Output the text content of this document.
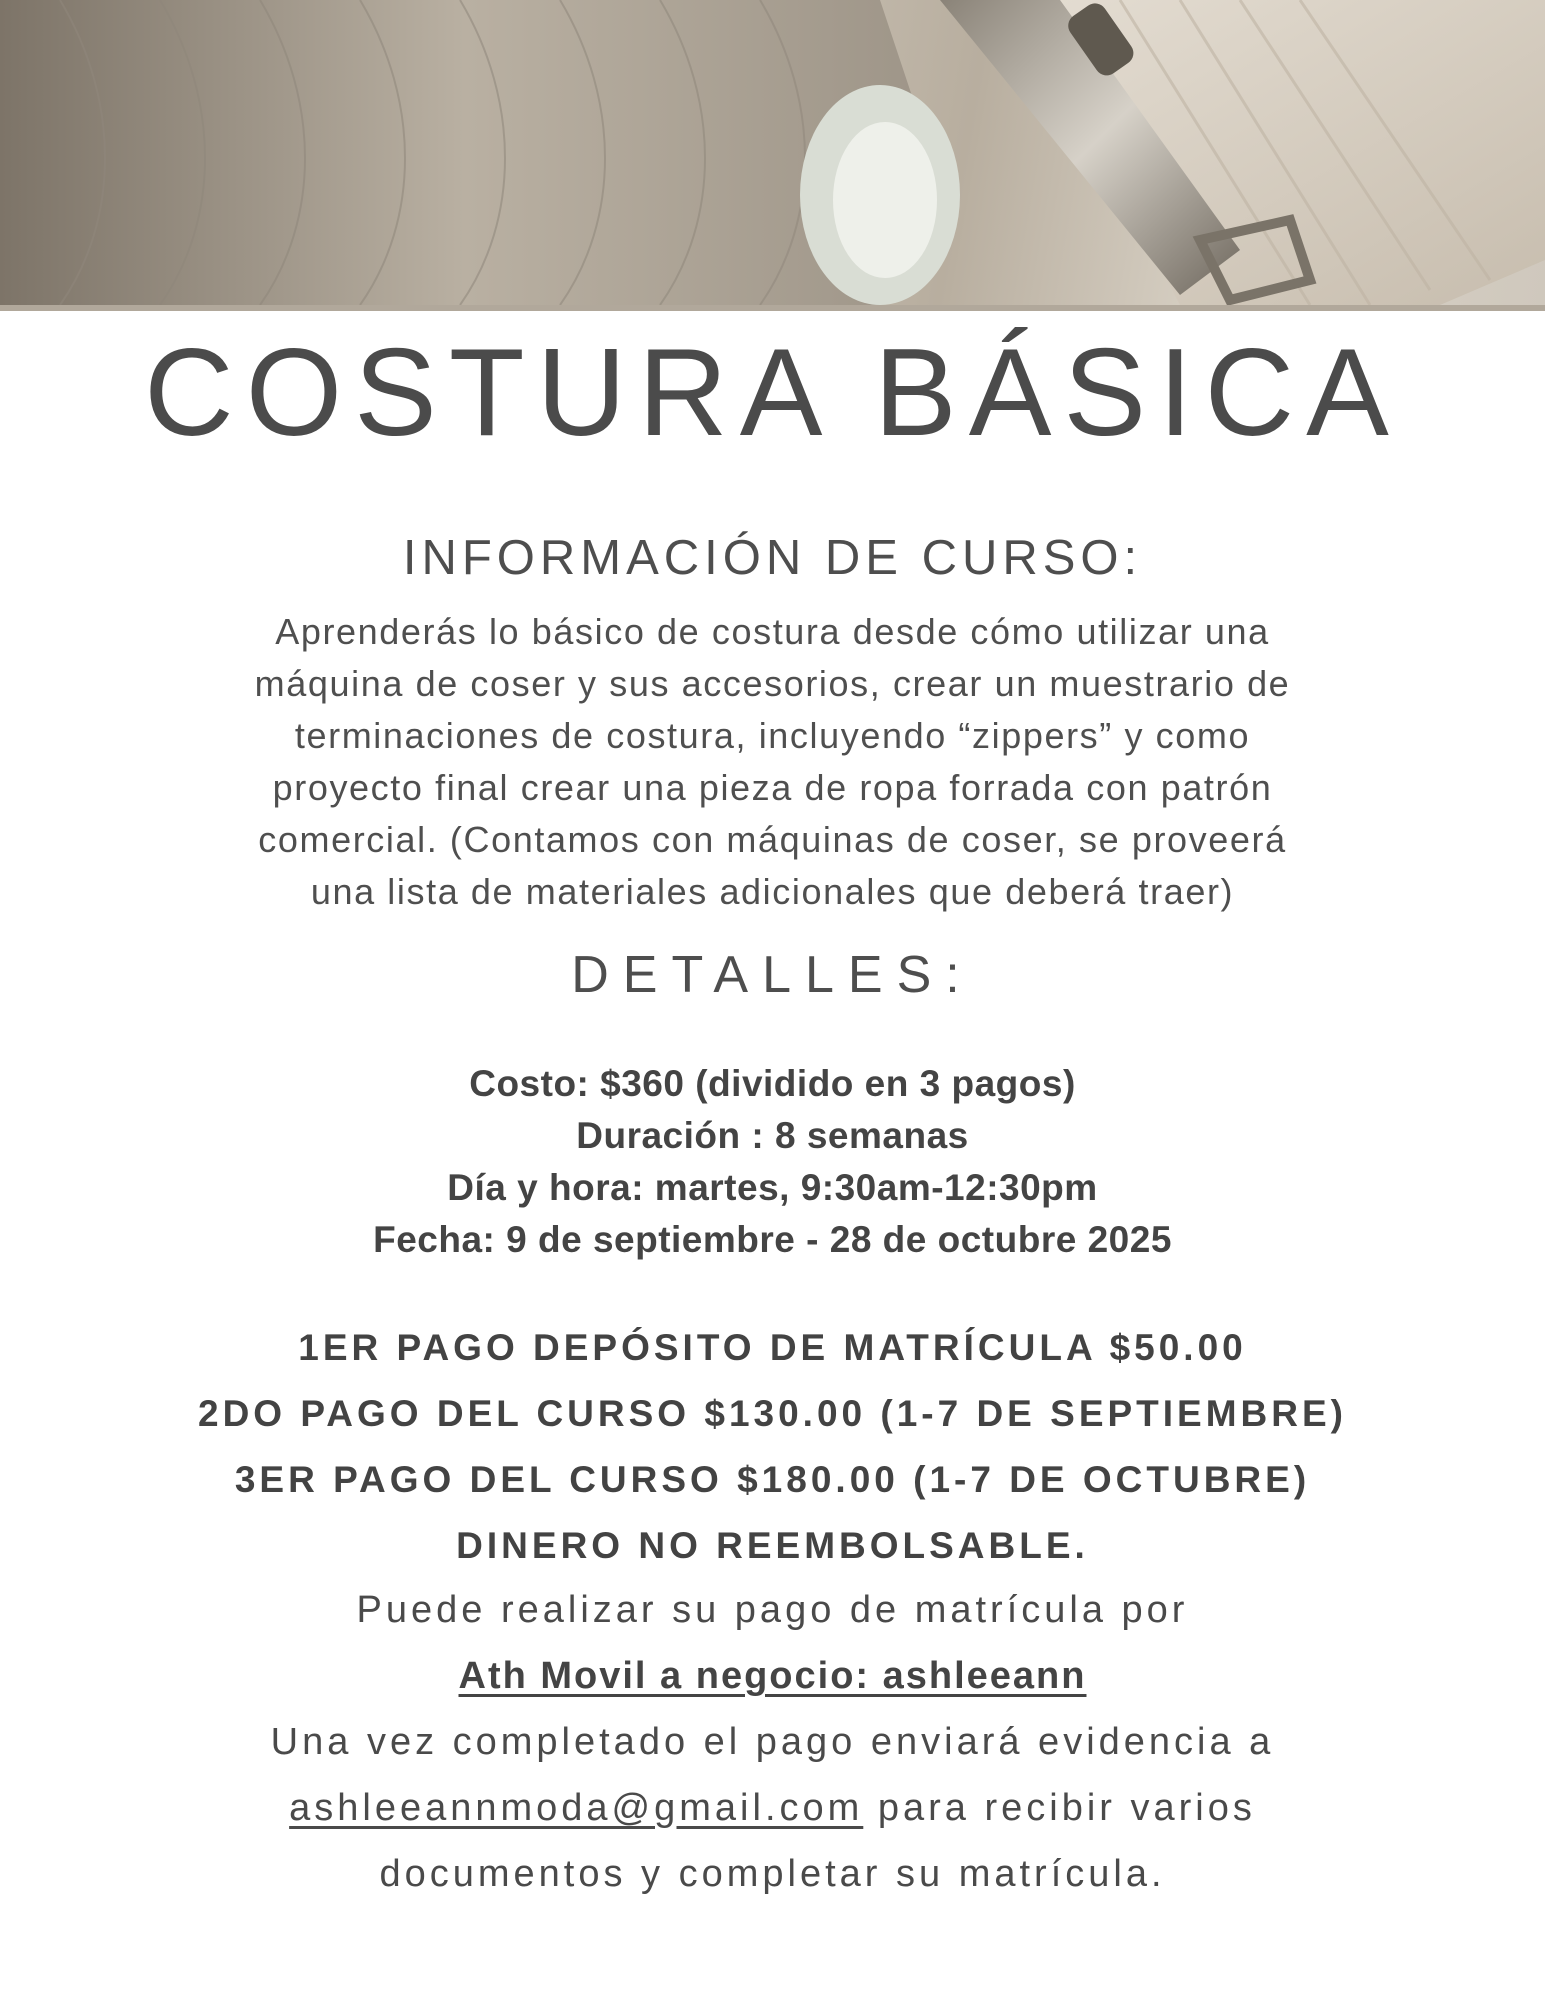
COSTURA BÁSICA
INFORMACIÓN DE CURSO:
Aprenderás lo básico de costura desde cómo utilizar una
máquina de coser y sus accesorios, crear un muestrario de
terminaciones de costura, incluyendo “zippers” y como
proyecto final crear una pieza de ropa forrada con patrón
comercial. (Contamos con máquinas de coser, se proveerá
una lista de materiales adicionales que deberá traer)
DETALLES:
Costo: $360 (dividido en 3 pagos)
Duración : 8 semanas
Día y hora: martes, 9:30am-12:30pm
Fecha: 9 de septiembre - 28 de octubre 2025
1ER PAGO DEPÓSITO DE MATRÍCULA $50.00
2DO PAGO DEL CURSO $130.00 (1-7 DE SEPTIEMBRE)
3ER PAGO DEL CURSO $180.00 (1-7 DE OCTUBRE)
DINERO NO REEMBOLSABLE.
Puede realizar su pago de matrícula por
Ath Movil a negocio: ashleeann
Una vez completado el pago enviará evidencia a
ashleeannmoda@gmail.com para recibir varios
documentos y completar su matrícula.
